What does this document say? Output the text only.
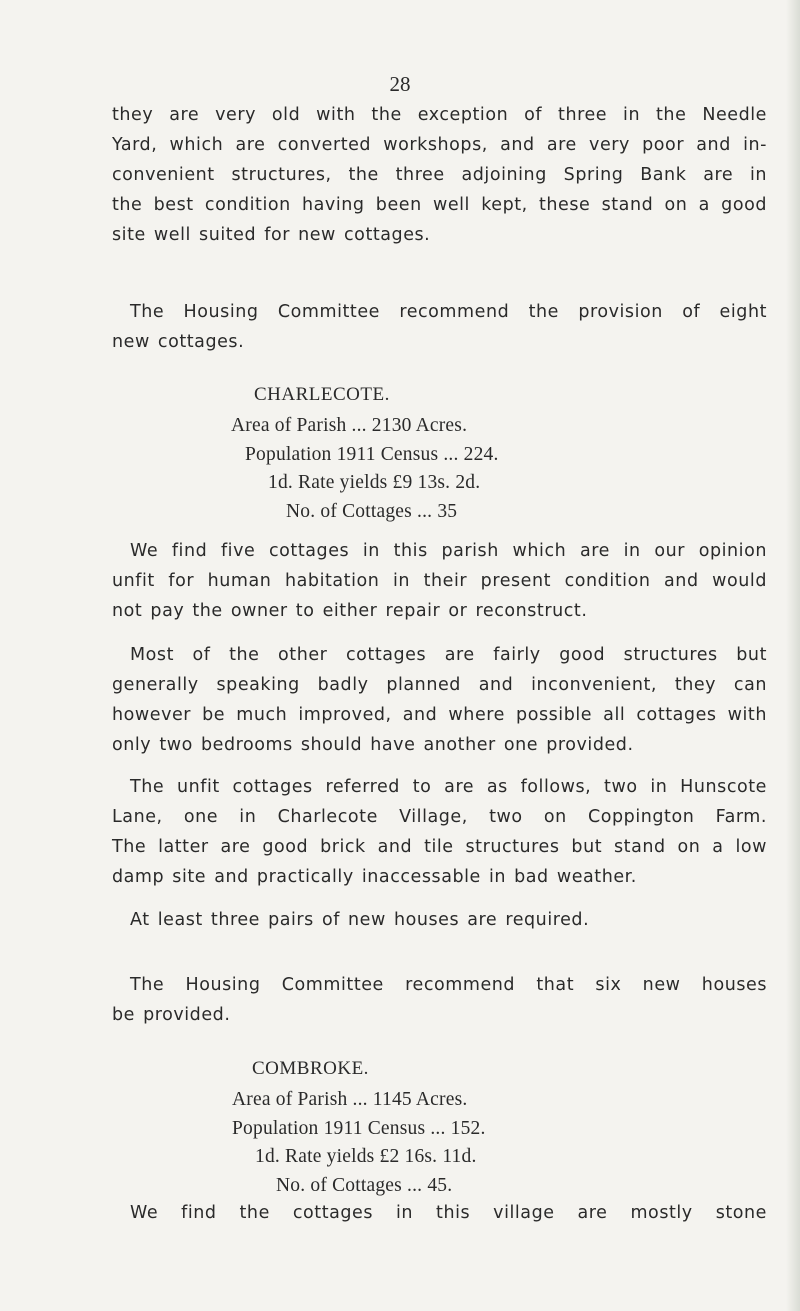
28
they are very old with the exception of three in the Needle
Yard, which are converted workshops, and are very poor and in-
convenient structures, the three adjoining Spring Bank are in
the best condition having been well kept, these stand on a good
site well suited for new cottages.
The Housing Committee recommend the provision of eight
new cottages.
CHARLECOTE.
Area of Parish ... 2130 Acres.
Population 1911 Census ... 224.
1d. Rate yields £9 13s. 2d.
No. of Cottages ... 35
We find five cottages in this parish which are in our opinion
unfit for human habitation in their present condition and would
not pay the owner to either repair or reconstruct.
Most of the other cottages are fairly good structures but
generally speaking badly planned and inconvenient, they can
however be much improved, and where possible all cottages with
only two bedrooms should have another one provided.
The unfit cottages referred to are as follows, two in Hunscote
Lane, one in Charlecote Village, two on Coppington Farm.
The latter are good brick and tile structures but stand on a low
damp site and practically inaccessable in bad weather.
At least three pairs of new houses are required.
The Housing Committee recommend that six new houses
be provided.
COMBROKE.
Area of Parish ... 1145 Acres.
Population 1911 Census ... 152.
1d. Rate yields £2 16s. 11d.
No. of Cottages ... 45.
We find the cottages in this village are mostly stone
